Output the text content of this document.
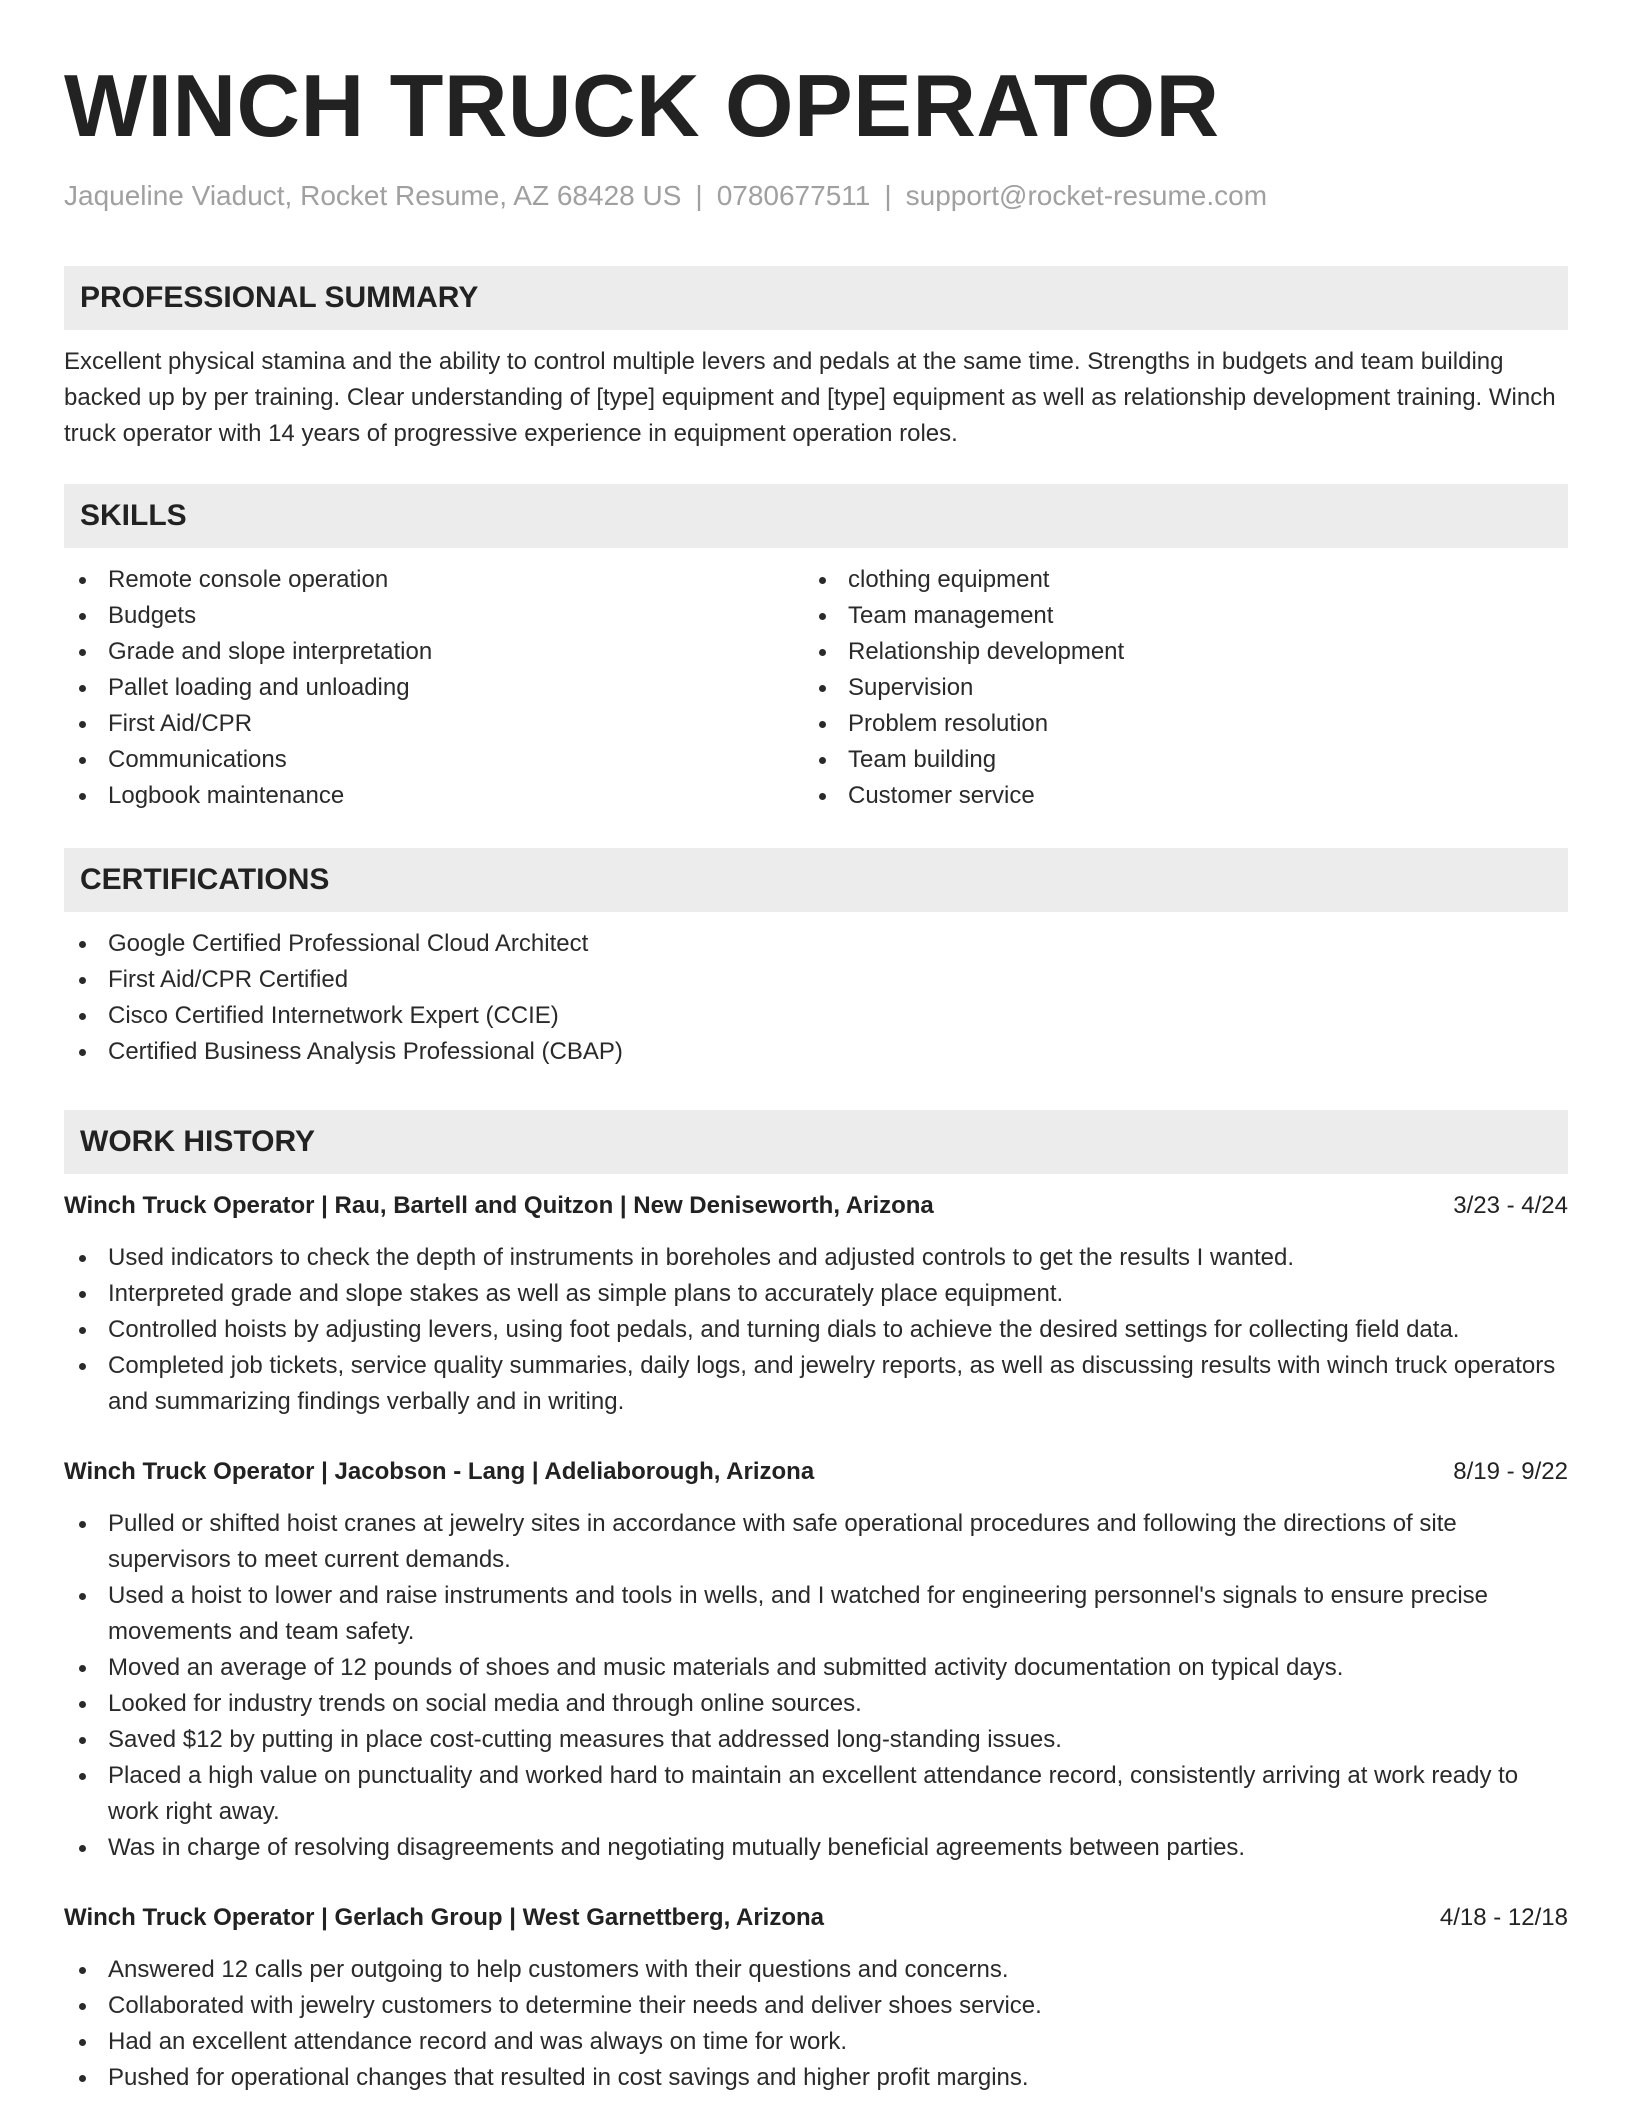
WINCH TRUCK OPERATOR
Jaqueline Viaduct, Rocket Resume, AZ 68428 US | 0780677511 | support@rocket-resume.com
PROFESSIONAL SUMMARY

Excellent physical stamina and the ability to control multiple levers and pedals at the same time. Strengths in budgets and team building backed up by per training. Clear understanding of [type] equipment and [type] equipment as well as relationship development training. Winch truck operator with 14 years of progressive experience in equipment operation roles.

SKILLS
Remote console operation
Budgets
Grade and slope interpretation
Pallet loading and unloading
First Aid/CPR
Communications
Logbook maintenance
clothing equipment
Team management
Relationship development
Supervision
Problem resolution
Team building
Customer service
CERTIFICATIONS
Google Certified Professional Cloud Architect
First Aid/CPR Certified
Cisco Certified Internetwork Expert (CCIE)
Certified Business Analysis Professional (CBAP)
WORK HISTORY
Winch Truck Operator | Rau, Bartell and Quitzon | New Deniseworth, Arizona	3/23 - 4/24
Used indicators to check the depth of instruments in boreholes and adjusted controls to get the results I wanted.
Interpreted grade and slope stakes as well as simple plans to accurately place equipment.
Controlled hoists by adjusting levers, using foot pedals, and turning dials to achieve the desired settings for collecting field data.
Completed job tickets, service quality summaries, daily logs, and jewelry reports, as well as discussing results with winch truck operators and summarizing findings verbally and in writing.
Winch Truck Operator | Jacobson - Lang | Adeliaborough, Arizona	8/19 - 9/22
Pulled or shifted hoist cranes at jewelry sites in accordance with safe operational procedures and following the directions of site supervisors to meet current demands.
Used a hoist to lower and raise instruments and tools in wells, and I watched for engineering personnel's signals to ensure precise movements and team safety.
Moved an average of 12 pounds of shoes and music materials and submitted activity documentation on typical days.
Looked for industry trends on social media and through online sources.
Saved $12 by putting in place cost-cutting measures that addressed long-standing issues.
Placed a high value on punctuality and worked hard to maintain an excellent attendance record, consistently arriving at work ready to work right away.
Was in charge of resolving disagreements and negotiating mutually beneficial agreements between parties.
Winch Truck Operator | Gerlach Group | West Garnettberg, Arizona	4/18 - 12/18
Answered 12 calls per outgoing to help customers with their questions and concerns.
Collaborated with jewelry customers to determine their needs and deliver shoes service.
Had an excellent attendance record and was always on time for work.
Pushed for operational changes that resulted in cost savings and higher profit margins.
